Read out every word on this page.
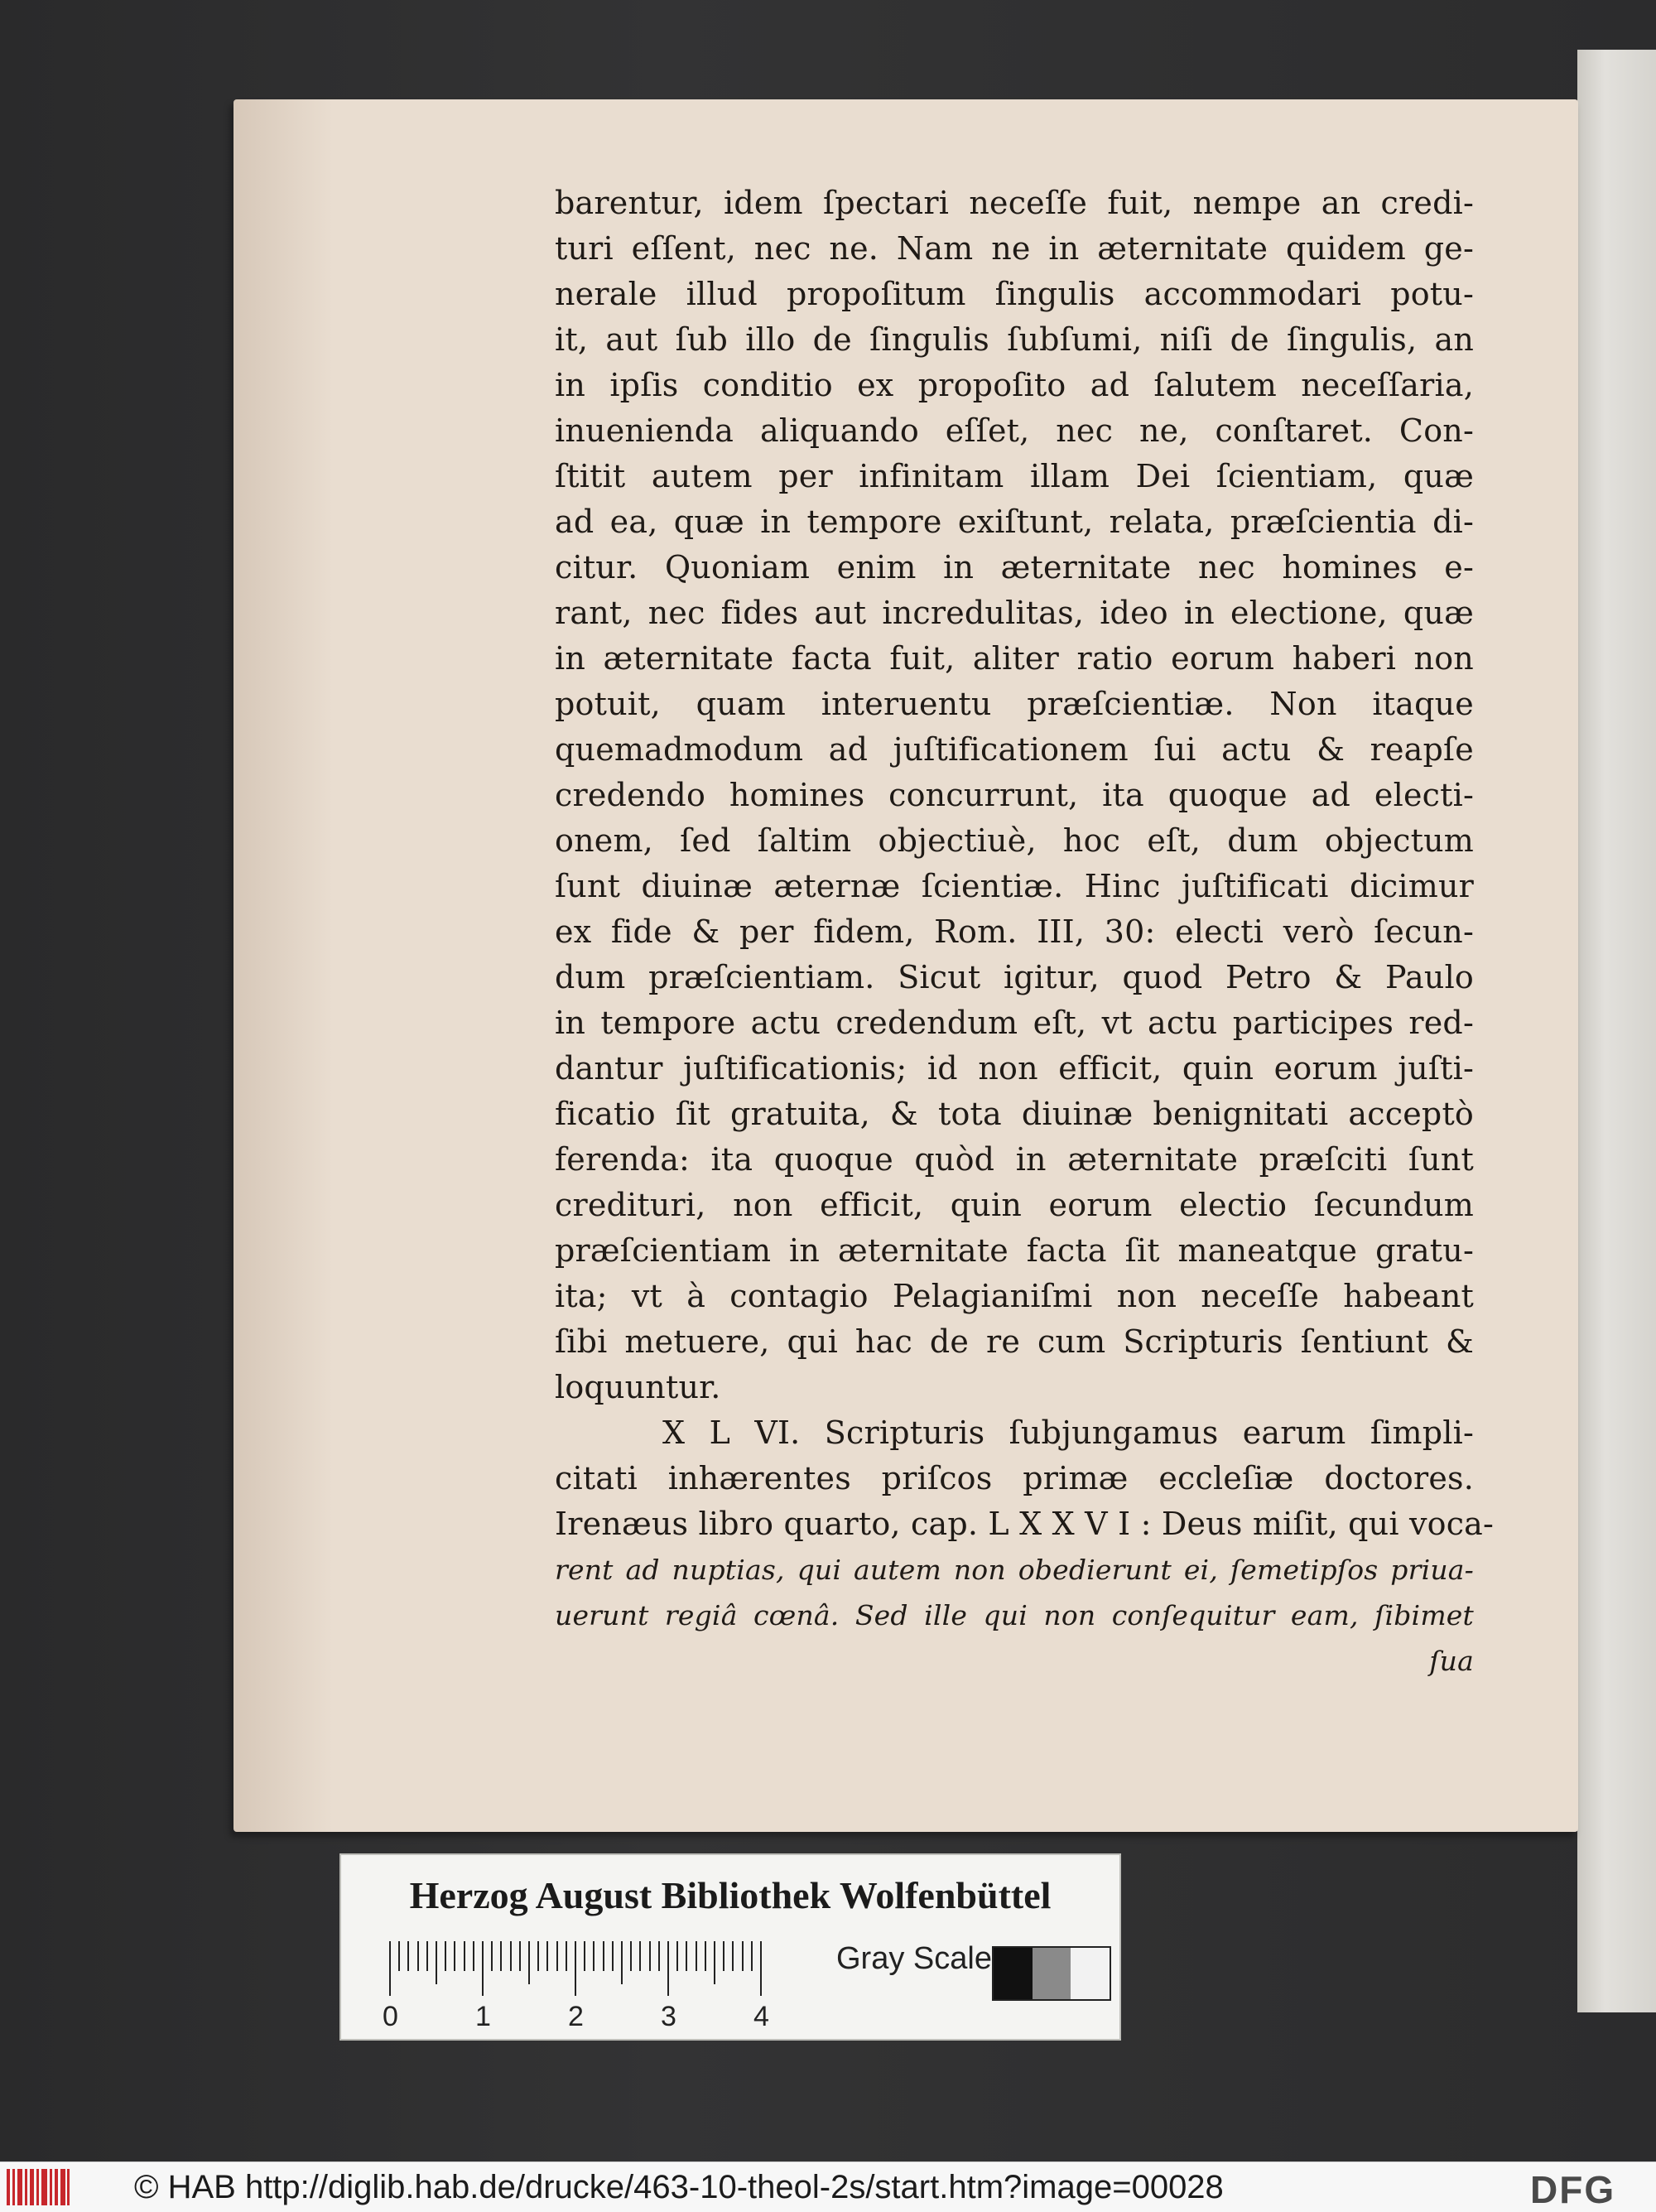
barentur, idem ſpectari neceſſe fuit, nempe an credi-
turi eſſent, nec ne. Nam ne in æternitate quidem ge-
nerale illud propoſitum ſingulis accommodari potu-
it, aut ſub illo de ſingulis ſubſumi, niſi de ſingulis, an
in ipſis conditio ex propoſito ad ſalutem neceſſaria,
inuenienda aliquando eſſet, nec ne, conſtaret. Con-
ſtitit autem per infinitam illam Dei ſcientiam, quæ
ad ea, quæ in tempore exiſtunt, relata, præſcientia di-
citur. Quoniam enim in æternitate nec homines e-
rant, nec fides aut incredulitas, ideo in electione, quæ
in æternitate facta fuit, aliter ratio eorum haberi non
potuit, quam interuentu præſcientiæ. Non itaque
quemadmodum ad juſtificationem ſui actu & reapſe
credendo homines concurrunt, ita quoque ad electi-
onem, ſed ſaltim objectiuè, hoc eſt, dum objectum
ſunt diuinæ æternæ ſcientiæ. Hinc juſtificati dicimur
ex fide & per fidem, Rom. III, 30: electi verò ſecun-
dum præſcientiam. Sicut igitur, quod Petro & Paulo
in tempore actu credendum eſt, vt actu participes red-
dantur juſtificationis; id non efficit, quin eorum juſti-
ficatio ſit gratuita, & tota diuinæ benignitati acceptò
ferenda: ita quoque quòd in æternitate præſciti ſunt
credituri, non efficit, quin eorum electio ſecundum
præſcientiam in æternitate facta ſit maneatque gratu-
ita; vt à contagio Pelagianiſmi non neceſſe habeant
ſibi metuere, qui hac de re cum Scripturis ſentiunt &
loquuntur.
X L VI. Scripturis ſubjungamus earum ſimpli-
citati inhærentes priſcos primæ eccleſiæ doctores.
Irenæus libro quarto, cap. L X X V I : Deus miſit, qui voca-
rent ad nuptias, qui autem non obedierunt ei, ſemetipſos priua-
uerunt regiâ cœnâ. Sed ille qui non conſequitur eam, ſibimet
ſua
Herzog August Bibliothek Wolfenbüttel
Gray Scale
0	1	2	3	4
© HAB http://diglib.hab.de/drucke/463-10-theol-2s/start.htm?image=00028	DFG
